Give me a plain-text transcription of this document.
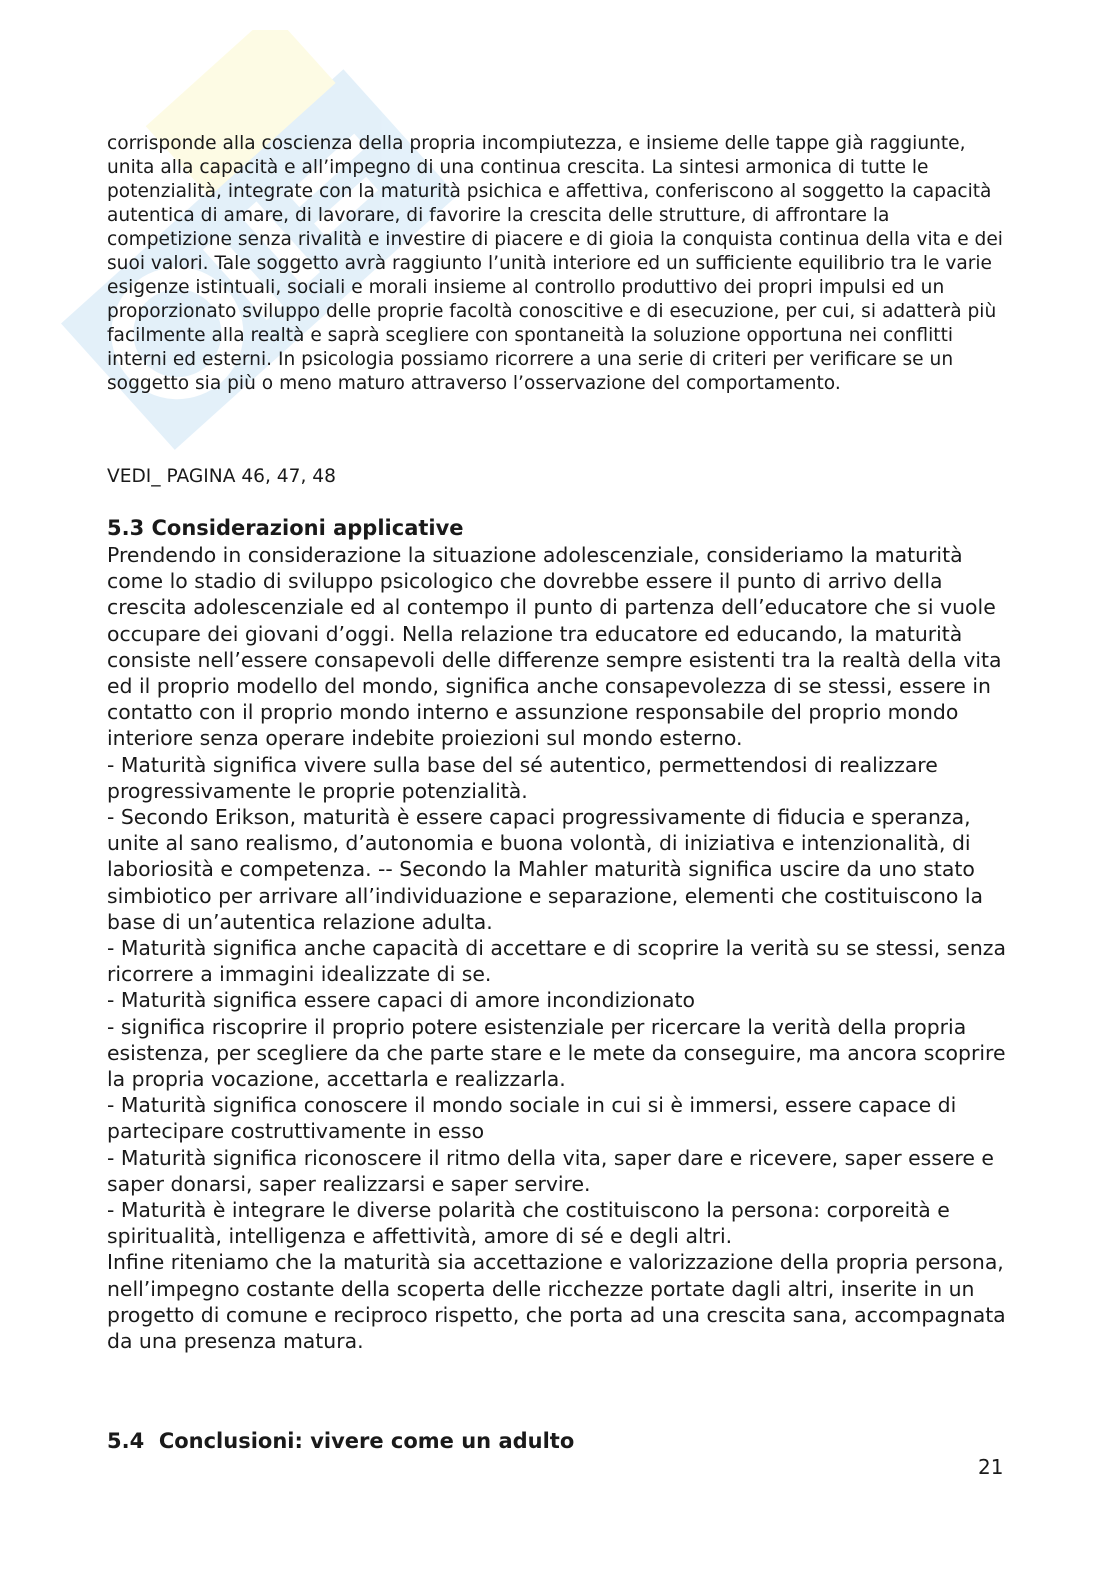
corrisponde alla coscienza della propria incompiutezza, e insieme delle tappe già raggiunte, unita alla capacità e all’impegno di una continua crescita. La sintesi armonica di tutte le potenzialità, integrate con la maturità psichica e affettiva, conferiscono al soggetto la capacità autentica di amare, di lavorare, di favorire la crescita delle strutture, di affrontare la competizione senza rivalità e investire di piacere e di gioia la conquista continua della vita e dei suoi valori. Tale soggetto avrà raggiunto l’unità interiore ed un sufficiente equilibrio tra le varie esigenze istintuali, sociali e morali insieme al controllo produttivo dei propri impulsi ed un proporzionato sviluppo delle proprie facoltà conoscitive e di esecuzione, per cui, si adatterà più facilmente alla realtà e saprà scegliere con spontaneità la soluzione opportuna nei conflitti interni ed esterni. In psicologia possiamo ricorrere a una serie di criteri per verificare se un soggetto sia più o meno maturo attraverso l’osservazione del comportamento.

VEDI_ PAGINA 46, 47, 48

5.3 Considerazioni applicative

Prendendo in considerazione la situazione adolescenziale, consideriamo la maturità come lo stadio di sviluppo psicologico che dovrebbe essere il punto di arrivo della crescita adolescenziale ed al contempo il punto di partenza dell’educatore che si vuole occupare dei giovani d’oggi. Nella relazione tra educatore ed educando, la maturità consiste nell’essere consapevoli delle differenze sempre esistenti tra la realtà della vita ed il proprio modello del mondo, significa anche consapevolezza di se stessi, essere in contatto con il proprio mondo interno e assunzione responsabile del proprio mondo interiore senza operare indebite proiezioni sul mondo esterno.

- Maturità significa vivere sulla base del sé autentico, permettendosi di realizzare progressivamente le proprie potenzialità.

- Secondo Erikson, maturità è essere capaci progressivamente di fiducia e speranza, unite al sano realismo, d’autonomia e buona volontà, di iniziativa e intenzionalità, di laboriosità e competenza. -- Secondo la Mahler maturità significa uscire da uno stato simbiotico per arrivare all’individuazione e separazione, elementi che costituiscono la base di un’autentica relazione adulta.

- Maturità significa anche capacità di accettare e di scoprire la verità su se stessi, senza ricorrere a immagini idealizzate di se.

- Maturità significa essere capaci di amore incondizionato

- significa riscoprire il proprio potere esistenziale per ricercare la verità della propria esistenza, per scegliere da che parte stare e le mete da conseguire, ma ancora scoprire la propria vocazione, accettarla e realizzarla.

- Maturità significa conoscere il mondo sociale in cui si è immersi, essere capace di partecipare costruttivamente in esso

- Maturità significa riconoscere il ritmo della vita, saper dare e ricevere, saper essere e saper donarsi, saper realizzarsi e saper servire.

- Maturità è integrare le diverse polarità che costituiscono la persona: corporeità e spiritualità, intelligenza e affettività, amore di sé e degli altri.

Infine riteniamo che la maturità sia accettazione e valorizzazione della propria persona, nell’impegno costante della scoperta delle ricchezze portate dagli altri, inserite in un progetto di comune e reciproco rispetto, che porta ad una crescita sana, accompagnata da una presenza matura.

5.4  Conclusioni: vivere come un adulto
21
